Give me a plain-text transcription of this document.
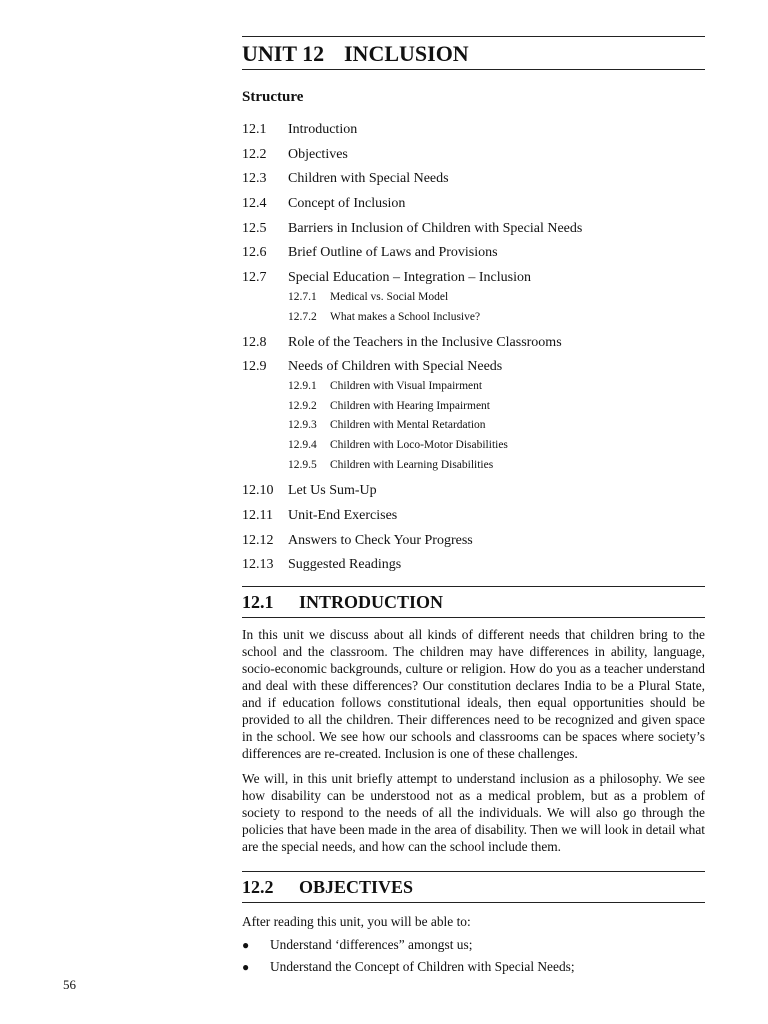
UNIT 12 INCLUSION
Structure
12.1 Introduction
12.2 Objectives
12.3 Children with Special Needs
12.4 Concept of Inclusion
12.5 Barriers in Inclusion of Children with Special Needs
12.6 Brief Outline of Laws and Provisions
12.7 Special Education – Integration – Inclusion
12.7.1 Medical vs. Social Model
12.7.2 What makes a School Inclusive?
12.8 Role of the Teachers in the Inclusive Classrooms
12.9 Needs of Children with Special Needs
12.9.1 Children with Visual Impairment
12.9.2 Children with Hearing Impairment
12.9.3 Children with Mental Retardation
12.9.4 Children with Loco-Motor Disabilities
12.9.5 Children with Learning Disabilities
12.10 Let Us Sum-Up
12.11 Unit-End Exercises
12.12 Answers to Check Your Progress
12.13 Suggested Readings
12.1 INTRODUCTION

In this unit we discuss about all kinds of different needs that children bring to the school and the classroom. The children may have differences in ability, language, socio-economic backgrounds, culture or religion. How do you as a teacher understand and deal with these differences? Our constitution declares India to be a Plural State, and if education follows constitutional ideals, then equal opportunities should be provided to all the children. Their differences need to be recognized and given space in the school. We see how our schools and classrooms can be spaces where society’s differences are re-created. Inclusion is one of these challenges.

We will, in this unit briefly attempt to understand inclusion as a philosophy. We see how disability can be understood not as a medical problem, but as a problem of society to respond to the needs of all the individuals. We will also go through the policies that have been made in the area of disability. Then we will look in detail what are the special needs, and how can the school include them.

12.2 OBJECTIVES
After reading this unit, you will be able to:
● Understand ‘differences” amongst us;
● Understand the Concept of Children with Special Needs;
56
